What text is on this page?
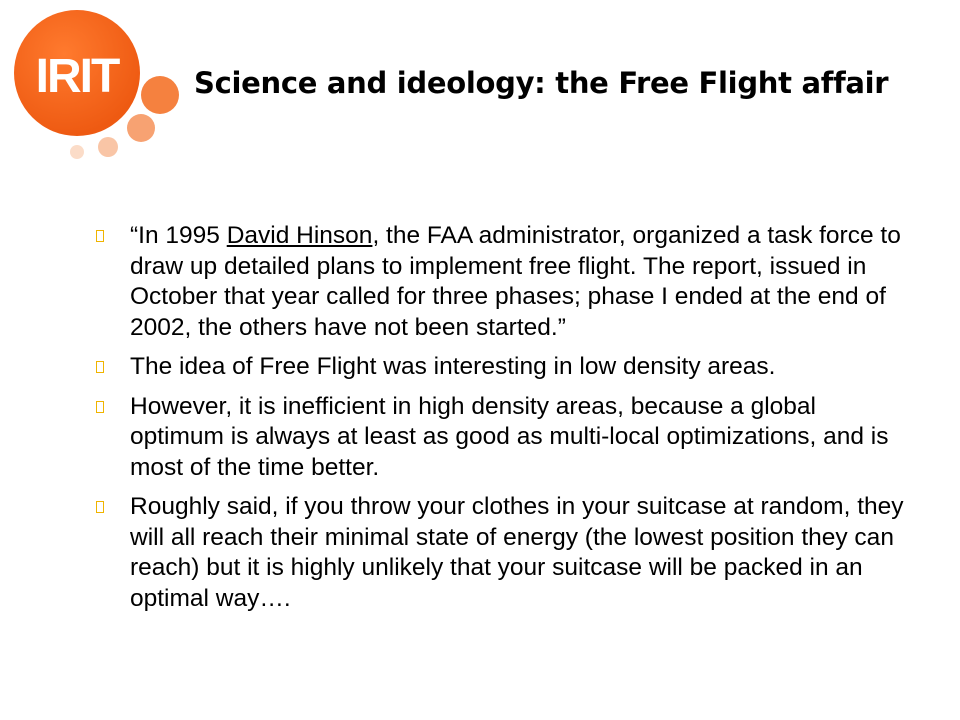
IRIT	Science and ideology: the Free Flight affair
“In 1995 David Hinson, the FAA administrator, organized a task force to draw up detailed plans to implement free flight. The report, issued in October that year called for three phases; phase I ended at the end of 2002, the others have not been started.”
The idea of Free Flight was interesting in low density areas.
However, it is inefficient in high density areas, because a global optimum is always at least as good as multi-local optimizations, and is most of the time better.
Roughly said, if you throw your clothes in your suitcase at random, they will all reach their minimal state of energy (the lowest position they can reach) but it is highly unlikely that your suitcase will be packed in an optimal way….
